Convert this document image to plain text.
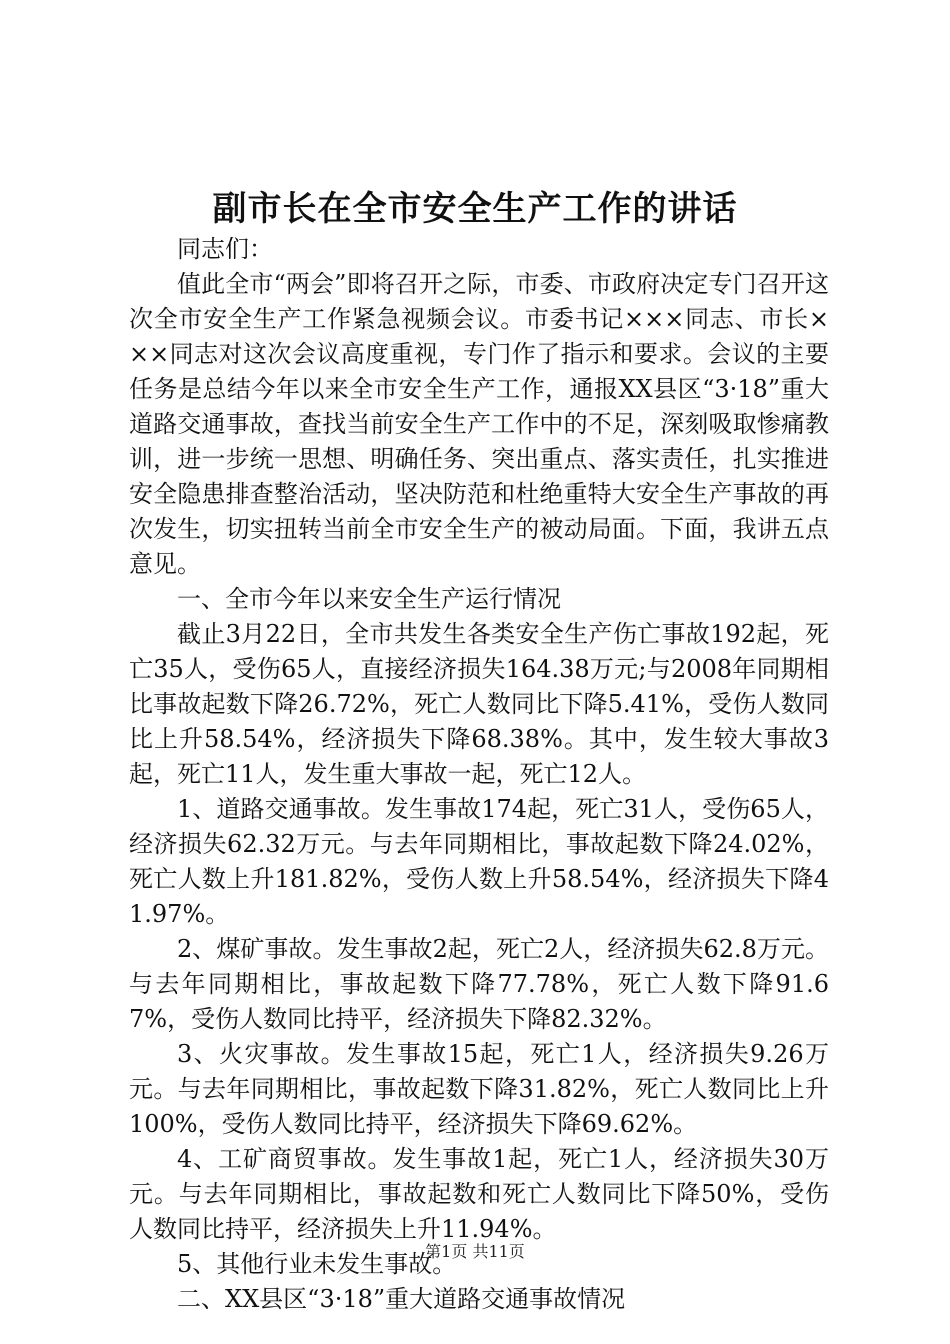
副市长在全市安全生产工作的讲话

同志们：

值此全市“两会”即将召开之际，市委、市政府决定专门召开这次全市安全生产工作紧急视频会议。市委书记×××同志、市长×××同志对这次会议高度重视，专门作了指示和要求。会议的主要任务是总结今年以来全市安全生产工作，通报XX县区“3·18”重大道路交通事故，查找当前安全生产工作中的不足，深刻吸取惨痛教训，进一步统一思想、明确任务、突出重点、落实责任，扎实推进安全隐患排查整治活动，坚决防范和杜绝重特大安全生产事故的再次发生，切实扭转当前全市安全生产的被动局面。下面，我讲五点意见。

一、全市今年以来安全生产运行情况

截止3月22日，全市共发生各类安全生产伤亡事故192起，死亡35人，受伤65人，直接经济损失164.38万元;与2008年同期相比事故起数下降26.72%，死亡人数同比下降5.41%，受伤人数同比上升58.54%，经济损失下降68.38%。其中，发生较大事故3起，死亡11人，发生重大事故一起，死亡12人。

1、道路交通事故。发生事故174起，死亡31人，受伤65人，经济损失62.32万元。与去年同期相比，事故起数下降24.02%，死亡人数上升181.82%，受伤人数上升58.54%，经济损失下降41.97%。

2、煤矿事故。发生事故2起，死亡2人，经济损失62.8万元。与去年同期相比，事故起数下降77.78%，死亡人数下降91.67%，受伤人数同比持平，经济损失下降82.32%。

3、火灾事故。发生事故15起，死亡1人，经济损失9.26万元。与去年同期相比，事故起数下降31.82%，死亡人数同比上升100%，受伤人数同比持平，经济损失下降69.62%。

4、工矿商贸事故。发生事故1起，死亡1人，经济损失30万元。与去年同期相比，事故起数和死亡人数同比下降50%，受伤人数同比持平，经济损失上升11.94%。

5、其他行业未发生事故。

二、XX县区“3·18”重大道路交通事故情况

第1页 共11页
